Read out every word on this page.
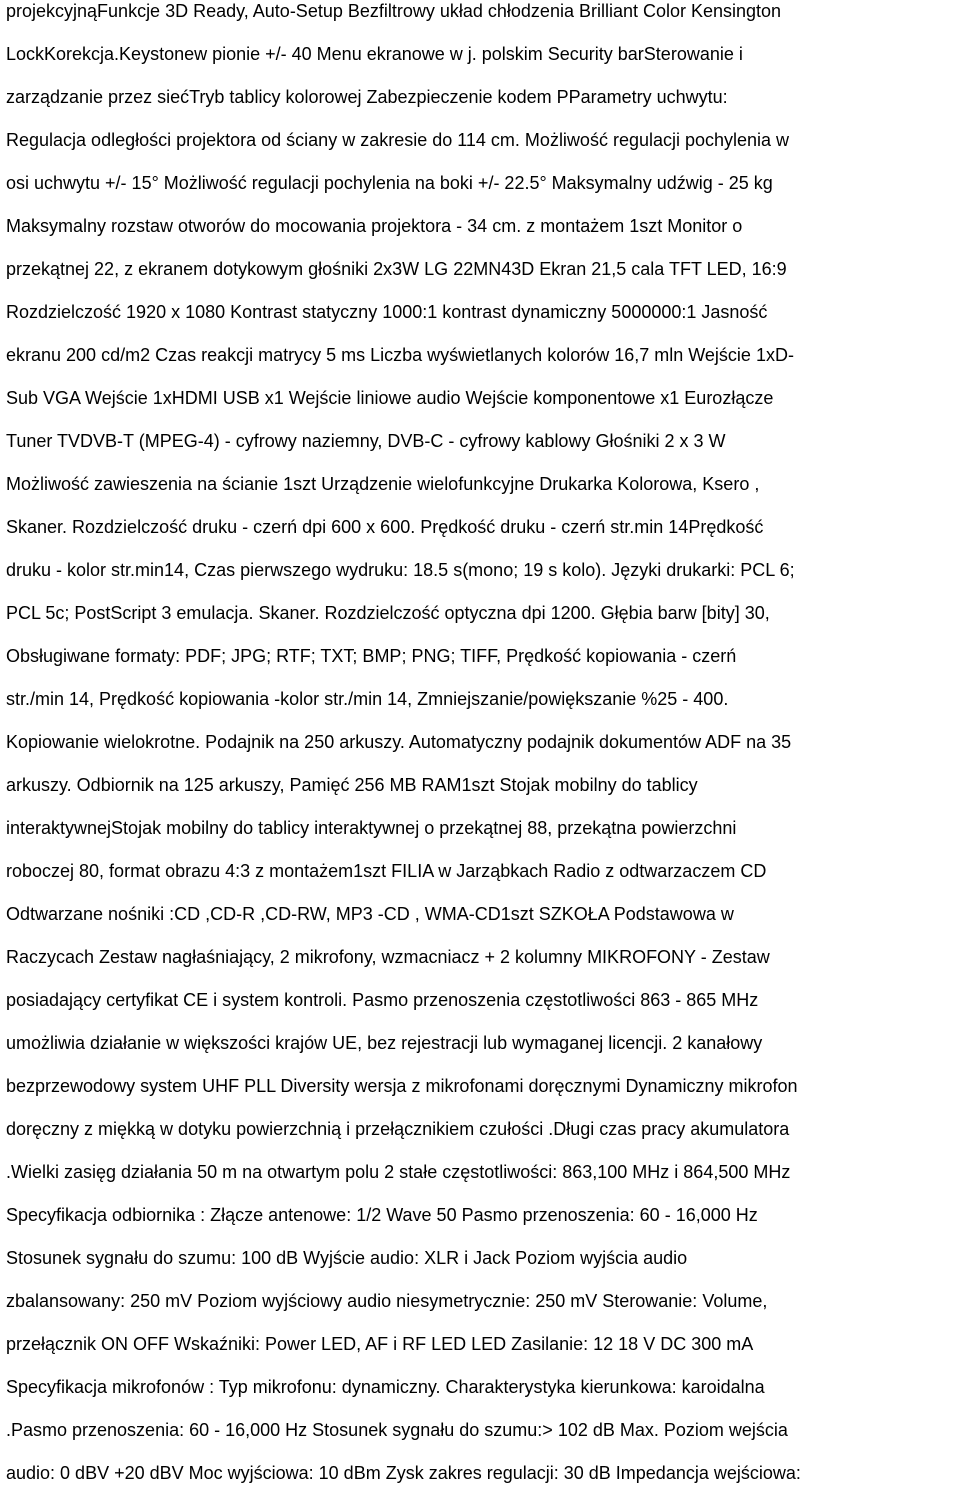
projekcyjnąFunkcje 3D Ready, Auto-Setup Bezfiltrowy układ chłodzenia Brilliant Color Kensington
LockKorekcja.Keystonew pionie +/- 40 Menu ekranowe w j. polskim Security barSterowanie i
zarządzanie przez siećTryb tablicy kolorowej Zabezpieczenie kodem PParametry uchwytu:
Regulacja odległości projektora od ściany w zakresie do 114 cm. Możliwość regulacji pochylenia w
osi uchwytu +/- 15° Możliwość regulacji pochylenia na boki +/- 22.5° Maksymalny udźwig - 25 kg
Maksymalny rozstaw otworów do mocowania projektora - 34 cm. z montażem 1szt Monitor o
przekątnej 22, z ekranem dotykowym głośniki 2x3W LG 22MN43D Ekran 21,5 cala TFT LED, 16:9
Rozdzielczość 1920 x 1080 Kontrast statyczny 1000:1 kontrast dynamiczny 5000000:1 Jasność
ekranu 200 cd/m2 Czas reakcji matrycy 5 ms Liczba wyświetlanych kolorów 16,7 mln Wejście 1xD-
Sub VGA Wejście 1xHDMI USB x1 Wejście liniowe audio Wejście komponentowe x1 Eurozłącze
Tuner TVDVB-T (MPEG-4) - cyfrowy naziemny, DVB-C - cyfrowy kablowy Głośniki 2 x 3 W
Możliwość zawieszenia na ścianie 1szt Urządzenie wielofunkcyjne Drukarka Kolorowa, Ksero ,
Skaner. Rozdzielczość druku - czerń dpi 600 x 600. Prędkość druku - czerń str.min 14Prędkość
druku - kolor str.min14, Czas pierwszego wydruku: 18.5 s(mono; 19 s kolo). Języki drukarki: PCL 6;
PCL 5c; PostScript 3 emulacja. Skaner. Rozdzielczość optyczna dpi 1200. Głębia barw [bity] 30,
Obsługiwane formaty: PDF; JPG; RTF; TXT; BMP; PNG; TIFF, Prędkość kopiowania - czerń
str./min 14, Prędkość kopiowania -kolor str./min 14, Zmniejszanie/powiększanie %25 - 400.
Kopiowanie wielokrotne. Podajnik na 250 arkuszy. Automatyczny podajnik dokumentów ADF na 35
arkuszy. Odbiornik na 125 arkuszy, Pamięć 256 MB RAM1szt Stojak mobilny do tablicy
interaktywnejStojak mobilny do tablicy interaktywnej o przekątnej 88, przekątna powierzchni
roboczej 80, format obrazu 4:3 z montażem1szt FILIA w Jarząbkach Radio z odtwarzaczem CD
Odtwarzane nośniki :CD ,CD-R ,CD-RW, MP3 -CD , WMA-CD1szt SZKOŁA Podstawowa w
Raczycach Zestaw nagłaśniający, 2 mikrofony, wzmacniacz + 2 kolumny MIKROFONY - Zestaw
posiadający certyfikat CE i system kontroli. Pasmo przenoszenia częstotliwości 863 - 865 MHz
umożliwia działanie w większości krajów UE, bez rejestracji lub wymaganej licencji. 2 kanałowy
bezprzewodowy system UHF PLL Diversity wersja z mikrofonami doręcznymi Dynamiczny mikrofon
doręczny z miękką w dotyku powierzchnią i przełącznikiem czułości .Długi czas pracy akumulatora
.Wielki zasięg działania 50 m na otwartym polu 2 stałe częstotliwości: 863,100 MHz i 864,500 MHz
Specyfikacja odbiornika : Złącze antenowe: 1/2 Wave 50 Pasmo przenoszenia: 60 - 16,000 Hz
Stosunek sygnału do szumu: 100 dB Wyjście audio: XLR i Jack Poziom wyjścia audio
zbalansowany: 250 mV Poziom wyjściowy audio niesymetrycznie: 250 mV Sterowanie: Volume,
przełącznik ON OFF Wskaźniki: Power LED, AF i RF LED LED Zasilanie: 12 18 V DC 300 mA
Specyfikacja mikrofonów : Typ mikrofonu: dynamiczny. Charakterystyka kierunkowa: karoidalna
.Pasmo przenoszenia: 60 - 16,000 Hz Stosunek sygnału do szumu:> 102 dB Max. Poziom wejścia
audio: 0 dBV +20 dBV Moc wyjściowa: 10 dBm Zysk zakres regulacji: 30 dB Impedancja wejściowa:
